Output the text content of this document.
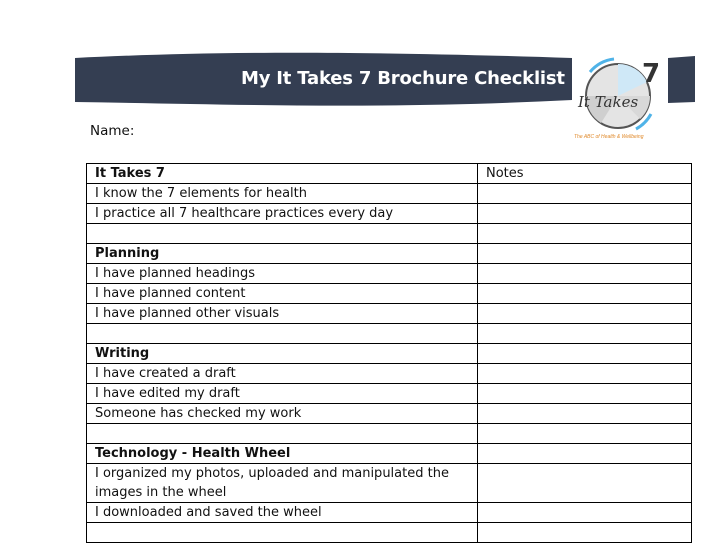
My It Takes 7 Brochure Checklist
It Takes
7
The ABC of Health & Wellbeing
Name:
It Takes 7	Notes
I know the 7 elements for health	
I practice all 7 healthcare practices every day	

Planning	
I have planned headings	
I have planned content	
I have planned other visuals	

Writing	
I have created a draft	
I have edited my draft	
Someone has checked my work	

Technology - Health Wheel	
I organized my photos, uploaded and manipulated the images in the wheel	
I downloaded and saved the wheel	
